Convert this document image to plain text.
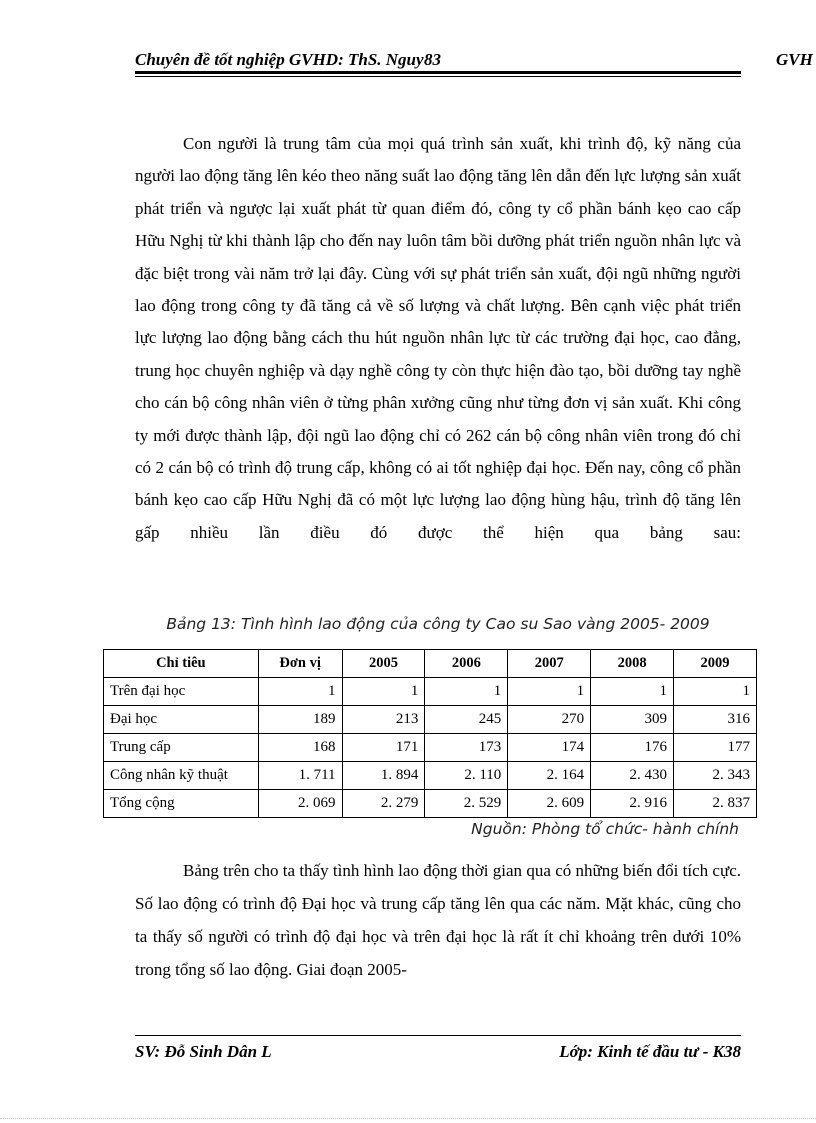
Chuyên đề tốt nghiệp GVHD: ThS. Nguy 83	GVH

Con người là trung tâm của mọi quá trình sản xuất, khi trình độ, kỹ năng của người lao động tăng lên kéo theo năng suất lao động tăng lên dẫn đến lực lượng sản xuất phát triển và ngược lại xuất phát từ quan điểm đó, công ty cổ phần bánh kẹo cao cấp Hữu Nghị từ khi thành lập cho đến nay luôn tâm bồi dưỡng phát triển nguồn nhân lực và đặc biệt trong vài năm trở lại đây. Cùng với sự phát triển sản xuất, đội ngũ những người lao động trong công ty đã tăng cả về số lượng và chất lượng. Bên cạnh việc phát triển lực lượng lao động bằng cách thu hút nguồn nhân lực từ các trường đại học, cao đẳng, trung học chuyên nghiệp và dạy nghề công ty còn thực hiện đào tạo, bồi dưỡng tay nghề cho cán bộ công nhân viên ở từng phân xưởng cũng như từng đơn vị sản xuất. Khi công ty mới được thành lập, đội ngũ lao động chỉ có 262 cán bộ công nhân viên trong đó chỉ có 2 cán bộ có trình độ trung cấp, không có ai tốt nghiệp đại học. Đến nay, công cổ phần bánh kẹo cao cấp Hữu Nghị đã có một lực lượng lao động hùng hậu, trình độ tăng lên gấp nhiều lần điều đó được thể hiện qua bảng sau:

Bảng 13: Tình hình lao động của công ty Cao su Sao vàng 2005- 2009
Chỉ tiêu	Đơn vị	2005	2006	2007	2008	2009
Trên đại học	1	1	1	1	1	1
Đại học	189	213	245	270	309	316
Trung cấp	168	171	173	174	176	177
Công nhân kỹ thuật	1. 711	1. 894	2. 110	2. 164	2. 430	2. 343
Tổng cộng	2. 069	2. 279	2. 529	2. 609	2. 916	2. 837
Nguồn: Phòng tổ chức- hành chính

Bảng trên cho ta thấy tình hình lao động thời gian qua có những biến đổi tích cực. Số lao động có trình độ Đại học và trung cấp tăng lên qua các năm. Mặt khác, cũng cho ta thấy số người có trình độ đại học và trên đại học là rất ít chỉ khoảng trên dưới 10% trong tổng số lao động. Giai đoạn 2005-

SV: Đỗ Sinh Dân L	Lớp: Kinh tế đầu tư - K38
